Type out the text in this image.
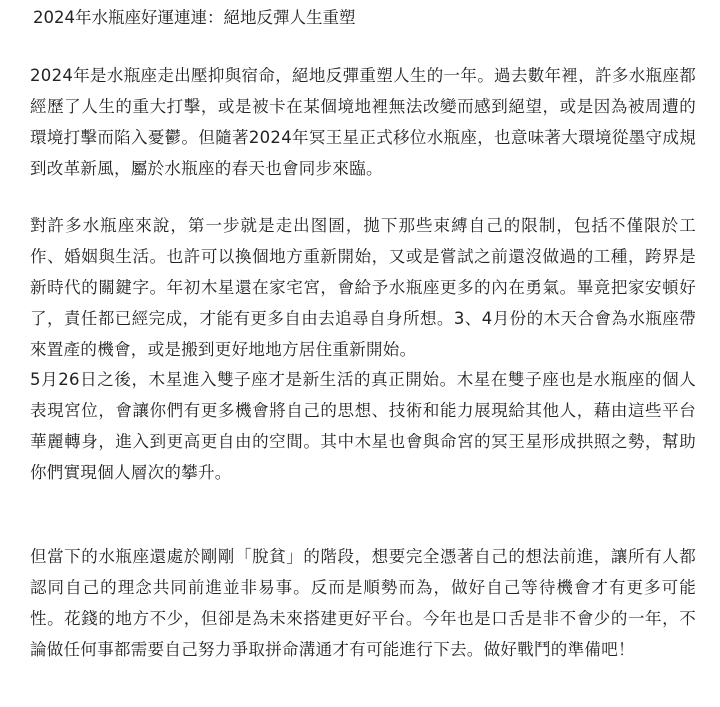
2024年水瓶座好運連連：絕地反彈人生重塑

2024年是水瓶座走出壓抑與宿命，絕地反彈重塑人生的一年。過去數年裡，許多水瓶座都經歷了人生的重大打擊，或是被卡在某個境地裡無法改變而感到絕望，或是因為被周遭的環境打擊而陷入憂鬱。但隨著2024年冥王星正式移位水瓶座，也意味著大環境從墨守成規到改革新風，屬於水瓶座的春天也會同步來臨。

對許多水瓶座來說，第一步就是走出图圄，拋下那些束縛自己的限制，包括不僅限於工作、婚姻與生活。也許可以換個地方重新開始，又或是嘗試之前還沒做過的工種，跨界是新時代的關鍵字。年初木星還在家宅宮，會給予水瓶座更多的內在勇氣。畢竟把家安頓好了，責任都已經完成，才能有更多自由去追尋自身所想。3、4月份的木天合會為水瓶座帶來置產的機會，或是搬到更好地地方居住重新開始。

5月26日之後，木星進入雙子座才是新生活的真正開始。木星在雙子座也是水瓶座的個人表現宮位，會讓你們有更多機會將自己的思想、技術和能力展現給其他人，藉由這些平台華麗轉身，進入到更高更自由的空間。其中木星也會與命宮的冥王星形成拱照之勢，幫助你們實現個人層次的攀升。

但當下的水瓶座還處於剛剛「脫貧」的階段，想要完全憑著自己的想法前進，讓所有人都認同自己的理念共同前進並非易事。反而是順勢而為，做好自己等待機會才有更多可能性。花錢的地方不少，但卻是為未來搭建更好平台。今年也是口舌是非不會少的一年，不論做任何事都需要自己努力爭取拼命溝通才有可能進行下去。做好戰鬥的準備吧！
